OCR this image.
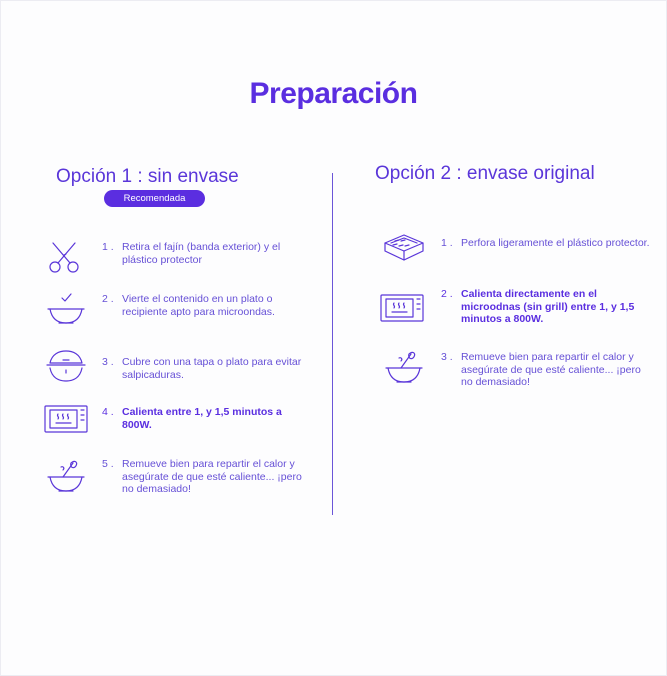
Preparación
Opción 1 : sin envase
Recomendada
Opción 2 : envase original
1 . Retira el fajín (banda exterior) y el plástico protector
2 . Vierte el contenido en un plato o recipiente apto para microondas.
3 . Cubre con una tapa o plato para evitar salpicaduras.
4 . Calienta entre 1, y 1,5 minutos a 800W.
5 . Remueve bien para repartir el calor y asegúrate de que esté caliente... ¡pero no demasiado!
1 . Perfora ligeramente el plástico protector.
2 . Calienta directamente en el microodnas (sin grill) entre 1, y 1,5 minutos a 800W.
3 . Remueve bien para repartir el calor y asegúrate de que esté caliente... ¡pero no demasiado!
